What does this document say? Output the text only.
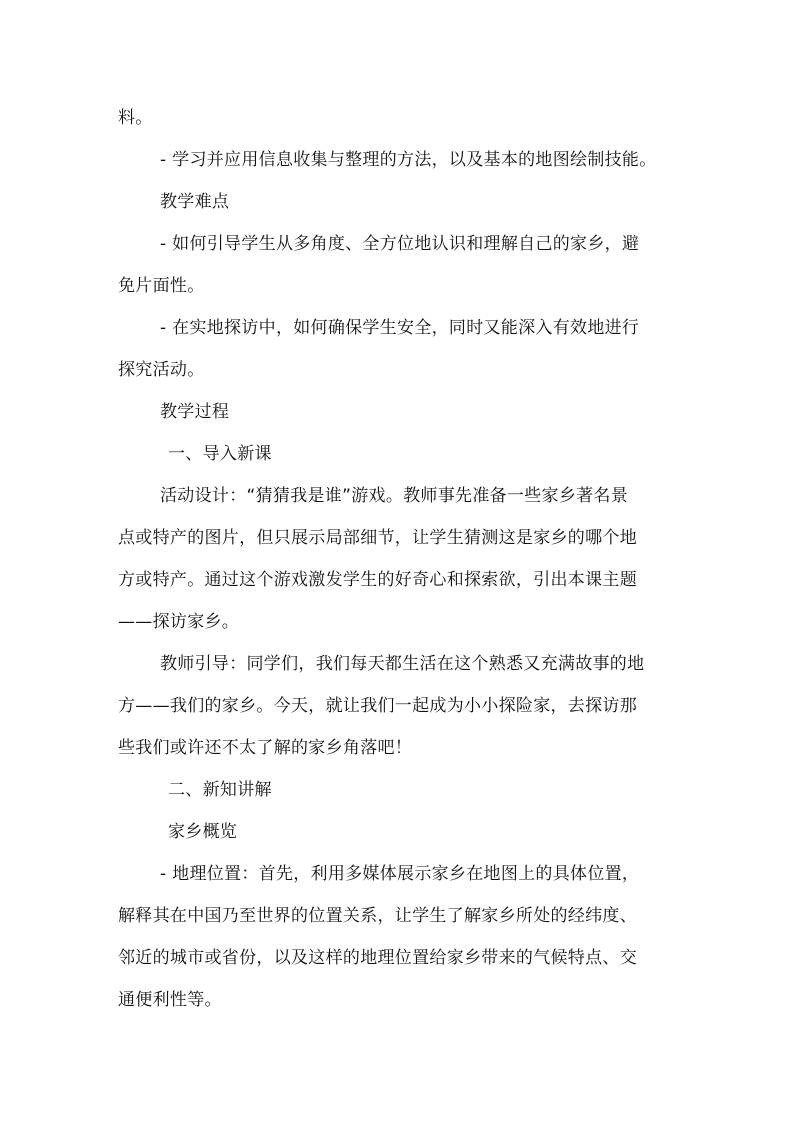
料。
- 学习并应用信息收集与整理的方法，以及基本的地图绘制技能。
教学难点
- 如何引导学生从多角度、全方位地认识和理解自己的家乡，避
免片面性。
- 在实地探访中，如何确保学生安全，同时又能深入有效地进行
探究活动。
教学过程
一、导入新课
活动设计：“猜猜我是谁”游戏。教师事先准备一些家乡著名景
点或特产的图片，但只展示局部细节，让学生猜测这是家乡的哪个地
方或特产。通过这个游戏激发学生的好奇心和探索欲，引出本课主题
——探访家乡。
教师引导：同学们，我们每天都生活在这个熟悉又充满故事的地
方——我们的家乡。今天，就让我们一起成为小小探险家，去探访那
些我们或许还不太了解的家乡角落吧！
二、新知讲解
家乡概览
- 地理位置：首先，利用多媒体展示家乡在地图上的具体位置，
解释其在中国乃至世界的位置关系，让学生了解家乡所处的经纬度、
邻近的城市或省份，以及这样的地理位置给家乡带来的气候特点、交
通便利性等。
